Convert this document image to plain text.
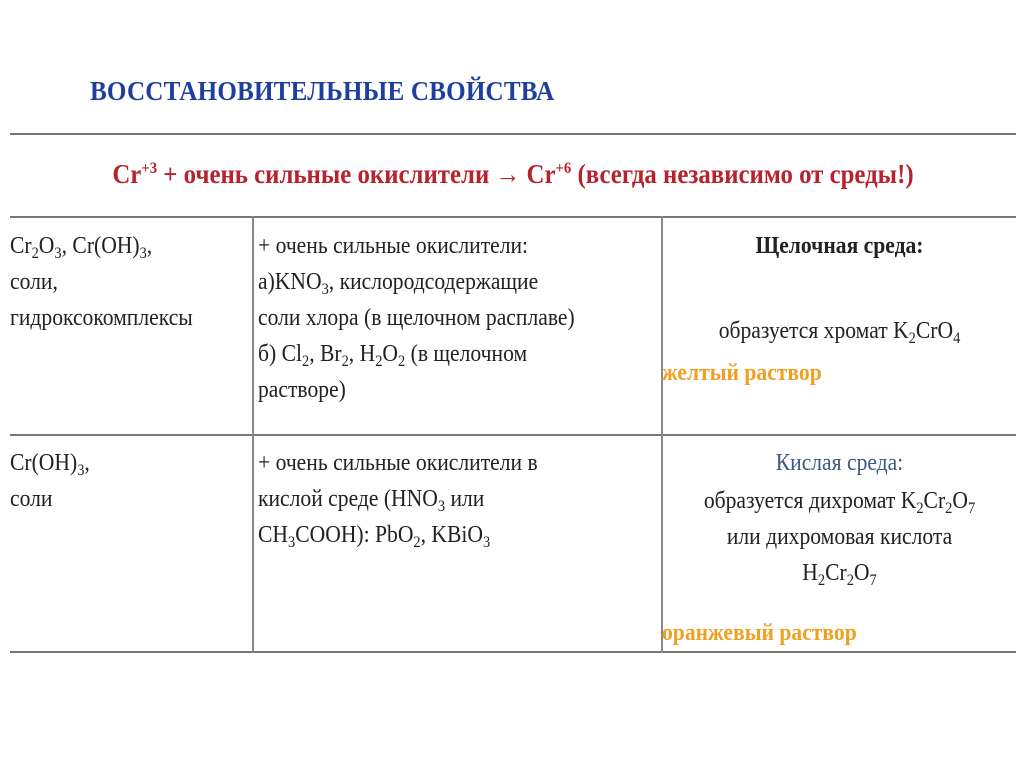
ВОССТАНОВИТЕЛЬНЫЕ СВОЙСТВА
$Cr^{+3}$ + очень сильные окислители → $Cr^{+6}$ (всегда независимо от среды!)
$Cr_2O_3$, $Cr(OH)_3$,
соли,
гидроксокомплексы
+ очень сильные окислители:
$а)KNO_3$, кислородсодержащие
соли хлора (в щелочном расплаве)
б) $Cl_2$, $Br_2$, $H_2O_2$ (в щелочном
растворе)
Щелочная среда:
образуется хромат $K_2CrO_4$
желтый раствор
$Cr(OH)_3$,
соли
+ очень сильные окислители в
кислой среде ($HNO_3$ или
$CH_3COOH$): PbO$_2$, KBiO$_3$
Кислая среда:
образуется дихромат $K_2Cr_2O_7$
или дихромовая кислота
$H_2Cr_2O_7$
оранжевый раствор
